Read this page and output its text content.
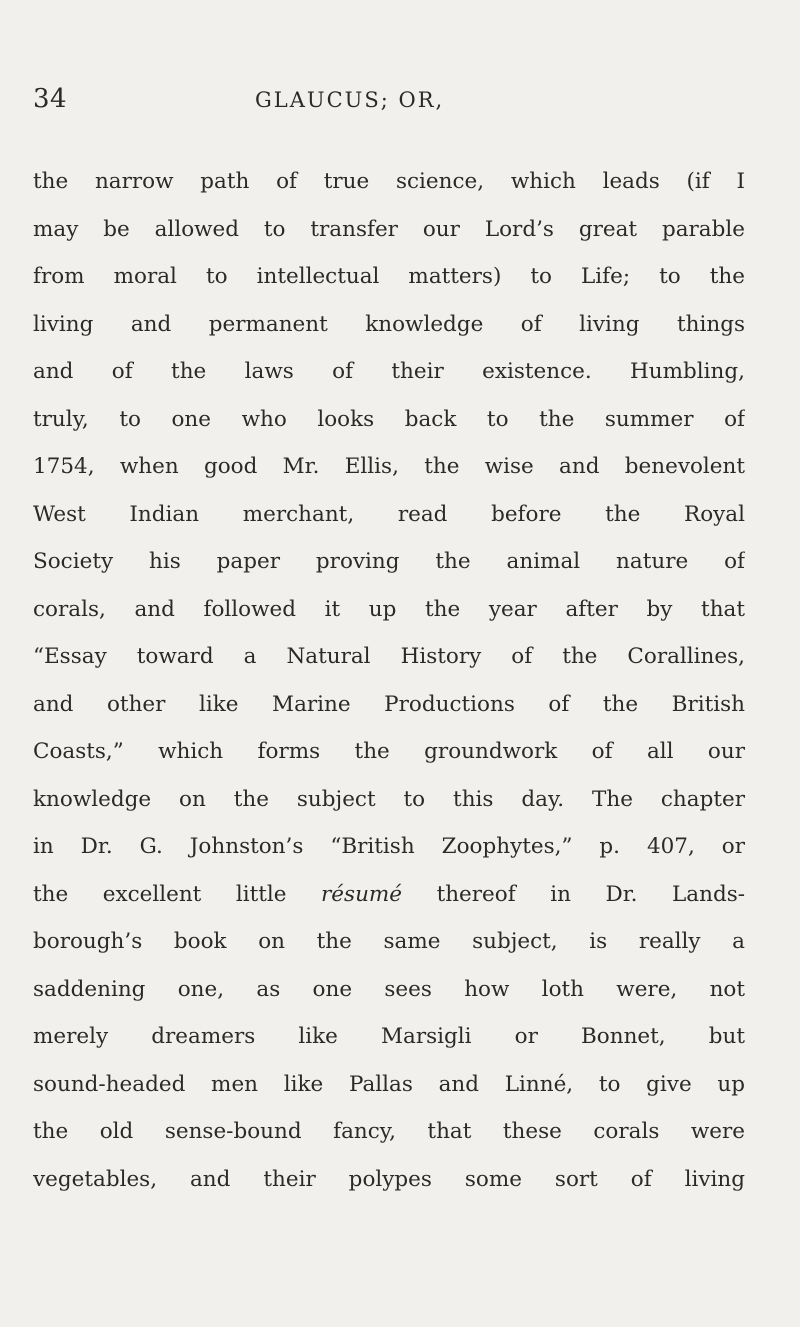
34	GLAUCUS; OR,
the narrow path of true science, which leads (if I
may be allowed to transfer our Lord’s great parable
from moral to intellectual matters) to Life; to the
living and permanent knowledge of living things
and of the laws of their existence. Humbling,
truly, to one who looks back to the summer of
1754, when good Mr. Ellis, the wise and benevolent
West Indian merchant, read before the Royal
Society his paper proving the animal nature of
corals, and followed it up the year after by that
“Essay toward a Natural History of the Corallines,
and other like Marine Productions of the British
Coasts,” which forms the groundwork of all our
knowledge on the subject to this day. The chapter
in Dr. G. Johnston’s “British Zoophytes,” p. 407, or
the excellent little résumé thereof in Dr. Lands-
borough’s book on the same subject, is really a
saddening one, as one sees how loth were, not
merely dreamers like Marsigli or Bonnet, but
sound-headed men like Pallas and Linné, to give up
the old sense-bound fancy, that these corals were
vegetables, and their polypes some sort of living
